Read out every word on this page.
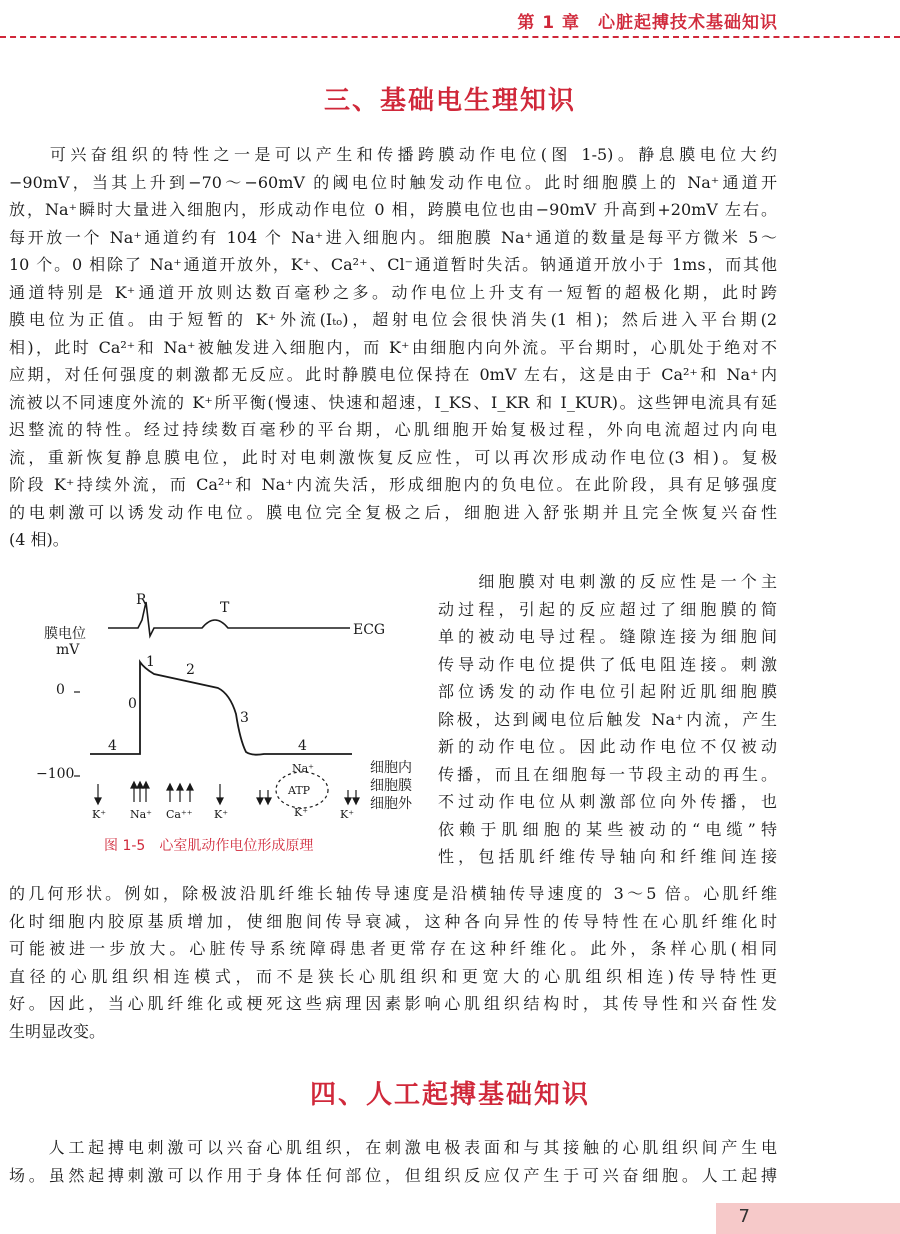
第 1 章　心脏起搏技术基础知识
三、基础电生理知识
　　可兴奋组织的特性之一是可以产生和传播跨膜动作电位(图 1-5)。静息膜电位大约
−90mV，当其上升到−70～−60mV 的阈电位时触发动作电位。此时细胞膜上的 Na⁺通道开
放，Na⁺瞬时大量进入细胞内，形成动作电位 0 相，跨膜电位也由−90mV 升高到+20mV 左右。
每开放一个 Na⁺通道约有 104 个 Na⁺进入细胞内。细胞膜 Na⁺通道的数量是每平方微米 5～
10 个。0 相除了 Na⁺通道开放外，K⁺、Ca²⁺、Cl⁻通道暂时失活。钠通道开放小于 1ms，而其他
通道特别是 K⁺通道开放则达数百毫秒之多。动作电位上升支有一短暂的超极化期，此时跨
膜电位为正值。由于短暂的 K⁺外流(Iₜₒ)，超射电位会很快消失(1 相)；然后进入平台期(2
相)，此时 Ca²⁺和 Na⁺被触发进入细胞内，而 K⁺由细胞内向外流。平台期时，心肌处于绝对不
应期，对任何强度的刺激都无反应。此时静膜电位保持在 0mV 左右，这是由于 Ca²⁺和 Na⁺内
流被以不同速度外流的 K⁺所平衡(慢速、快速和超速，I_KS、I_KR 和 I_KUR)。这些钾电流具有延
迟整流的特性。经过持续数百毫秒的平台期，心肌细胞开始复极过程，外向电流超过内向电
流，重新恢复静息膜电位，此时对电刺激恢复反应性，可以再次形成动作电位(3 相)。复极
阶段 K⁺持续外流，而 Ca²⁺和 Na⁺内流失活，形成细胞内的负电位。在此阶段，具有足够强度
的电刺激可以诱发动作电位。膜电位完全复极之后，细胞进入舒张期并且完全恢复兴奋性
(4 相)。
　　细胞膜对电刺激的反应性是一个主
动过程，引起的反应超过了细胞膜的简
单的被动电导过程。缝隙连接为细胞间
传导动作电位提供了低电阻连接。刺激
部位诱发的动作电位引起附近肌细胞膜
除极，达到阈电位后触发 Na⁺内流，产生
新的动作电位。因此动作电位不仅被动
传播，而且在细胞每一节段主动的再生。
不过动作电位从刺激部位向外传播，也
依赖于肌细胞的某些被动的“电缆”特
性，包括肌纤维传导轴向和纤维间连接
R	T
ECG
膜电位
mV
0
−100
1 2
0
3
4	4
K⁺ Na⁺ Ca⁺⁺ K⁺
Na⁺
ATP
K⁺	K⁺
细胞内
细胞膜
细胞外
图 1-5　心室肌动作电位形成原理
的几何形状。例如，除极波沿肌纤维长轴传导速度是沿横轴传导速度的 3～5 倍。心肌纤维
化时细胞内胶原基质增加，使细胞间传导衰减，这种各向异性的传导特性在心肌纤维化时
可能被进一步放大。心脏传导系统障碍患者更常存在这种纤维化。此外，条样心肌(相同
直径的心肌组织相连模式，而不是狭长心肌组织和更宽大的心肌组织相连)传导特性更
好。因此，当心肌纤维化或梗死这些病理因素影响心肌组织结构时，其传导性和兴奋性发
生明显改变。
四、人工起搏基础知识
　　人工起搏电刺激可以兴奋心肌组织，在刺激电极表面和与其接触的心肌组织间产生电
场。虽然起搏刺激可以作用于身体任何部位，但组织反应仅产生于可兴奋细胞。人工起搏
7
